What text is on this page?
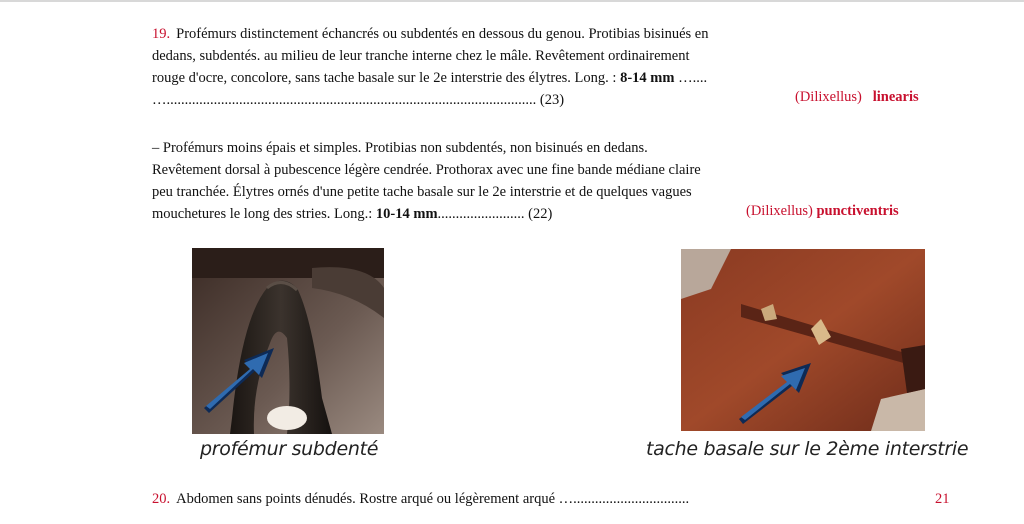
19. Profémurs distinctement échancrés ou subdentés en dessous du genou. Protibias bisinués en
dedans, subdentés. au milieu de leur tranche interne chez le mâle. Revêtement ordinairement
rouge d'ocre, concolore, sans tache basale sur le 2e interstrie des élytres. Long. : 8-14 mm …....
…...................................................................................................... (23)	(Dilixellus) linearis
– Profémurs moins épais et simples. Protibias non subdentés, non bisinués en dedans.
Revêtement dorsal à pubescence légère cendrée. Prothorax avec une fine bande médiane claire
peu tranchée. Élytres ornés d'une petite tache basale sur le 2e interstrie et de quelques vagues
mouchetures le long des stries. Long.: 10-14 mm........................ (22)	(Dilixellus) punctiventris
profémur subdenté	tache basale sur le 2ème interstrie
20. Abdomen sans points dénudés. Rostre arqué ou légèrement arqué …................................	21
